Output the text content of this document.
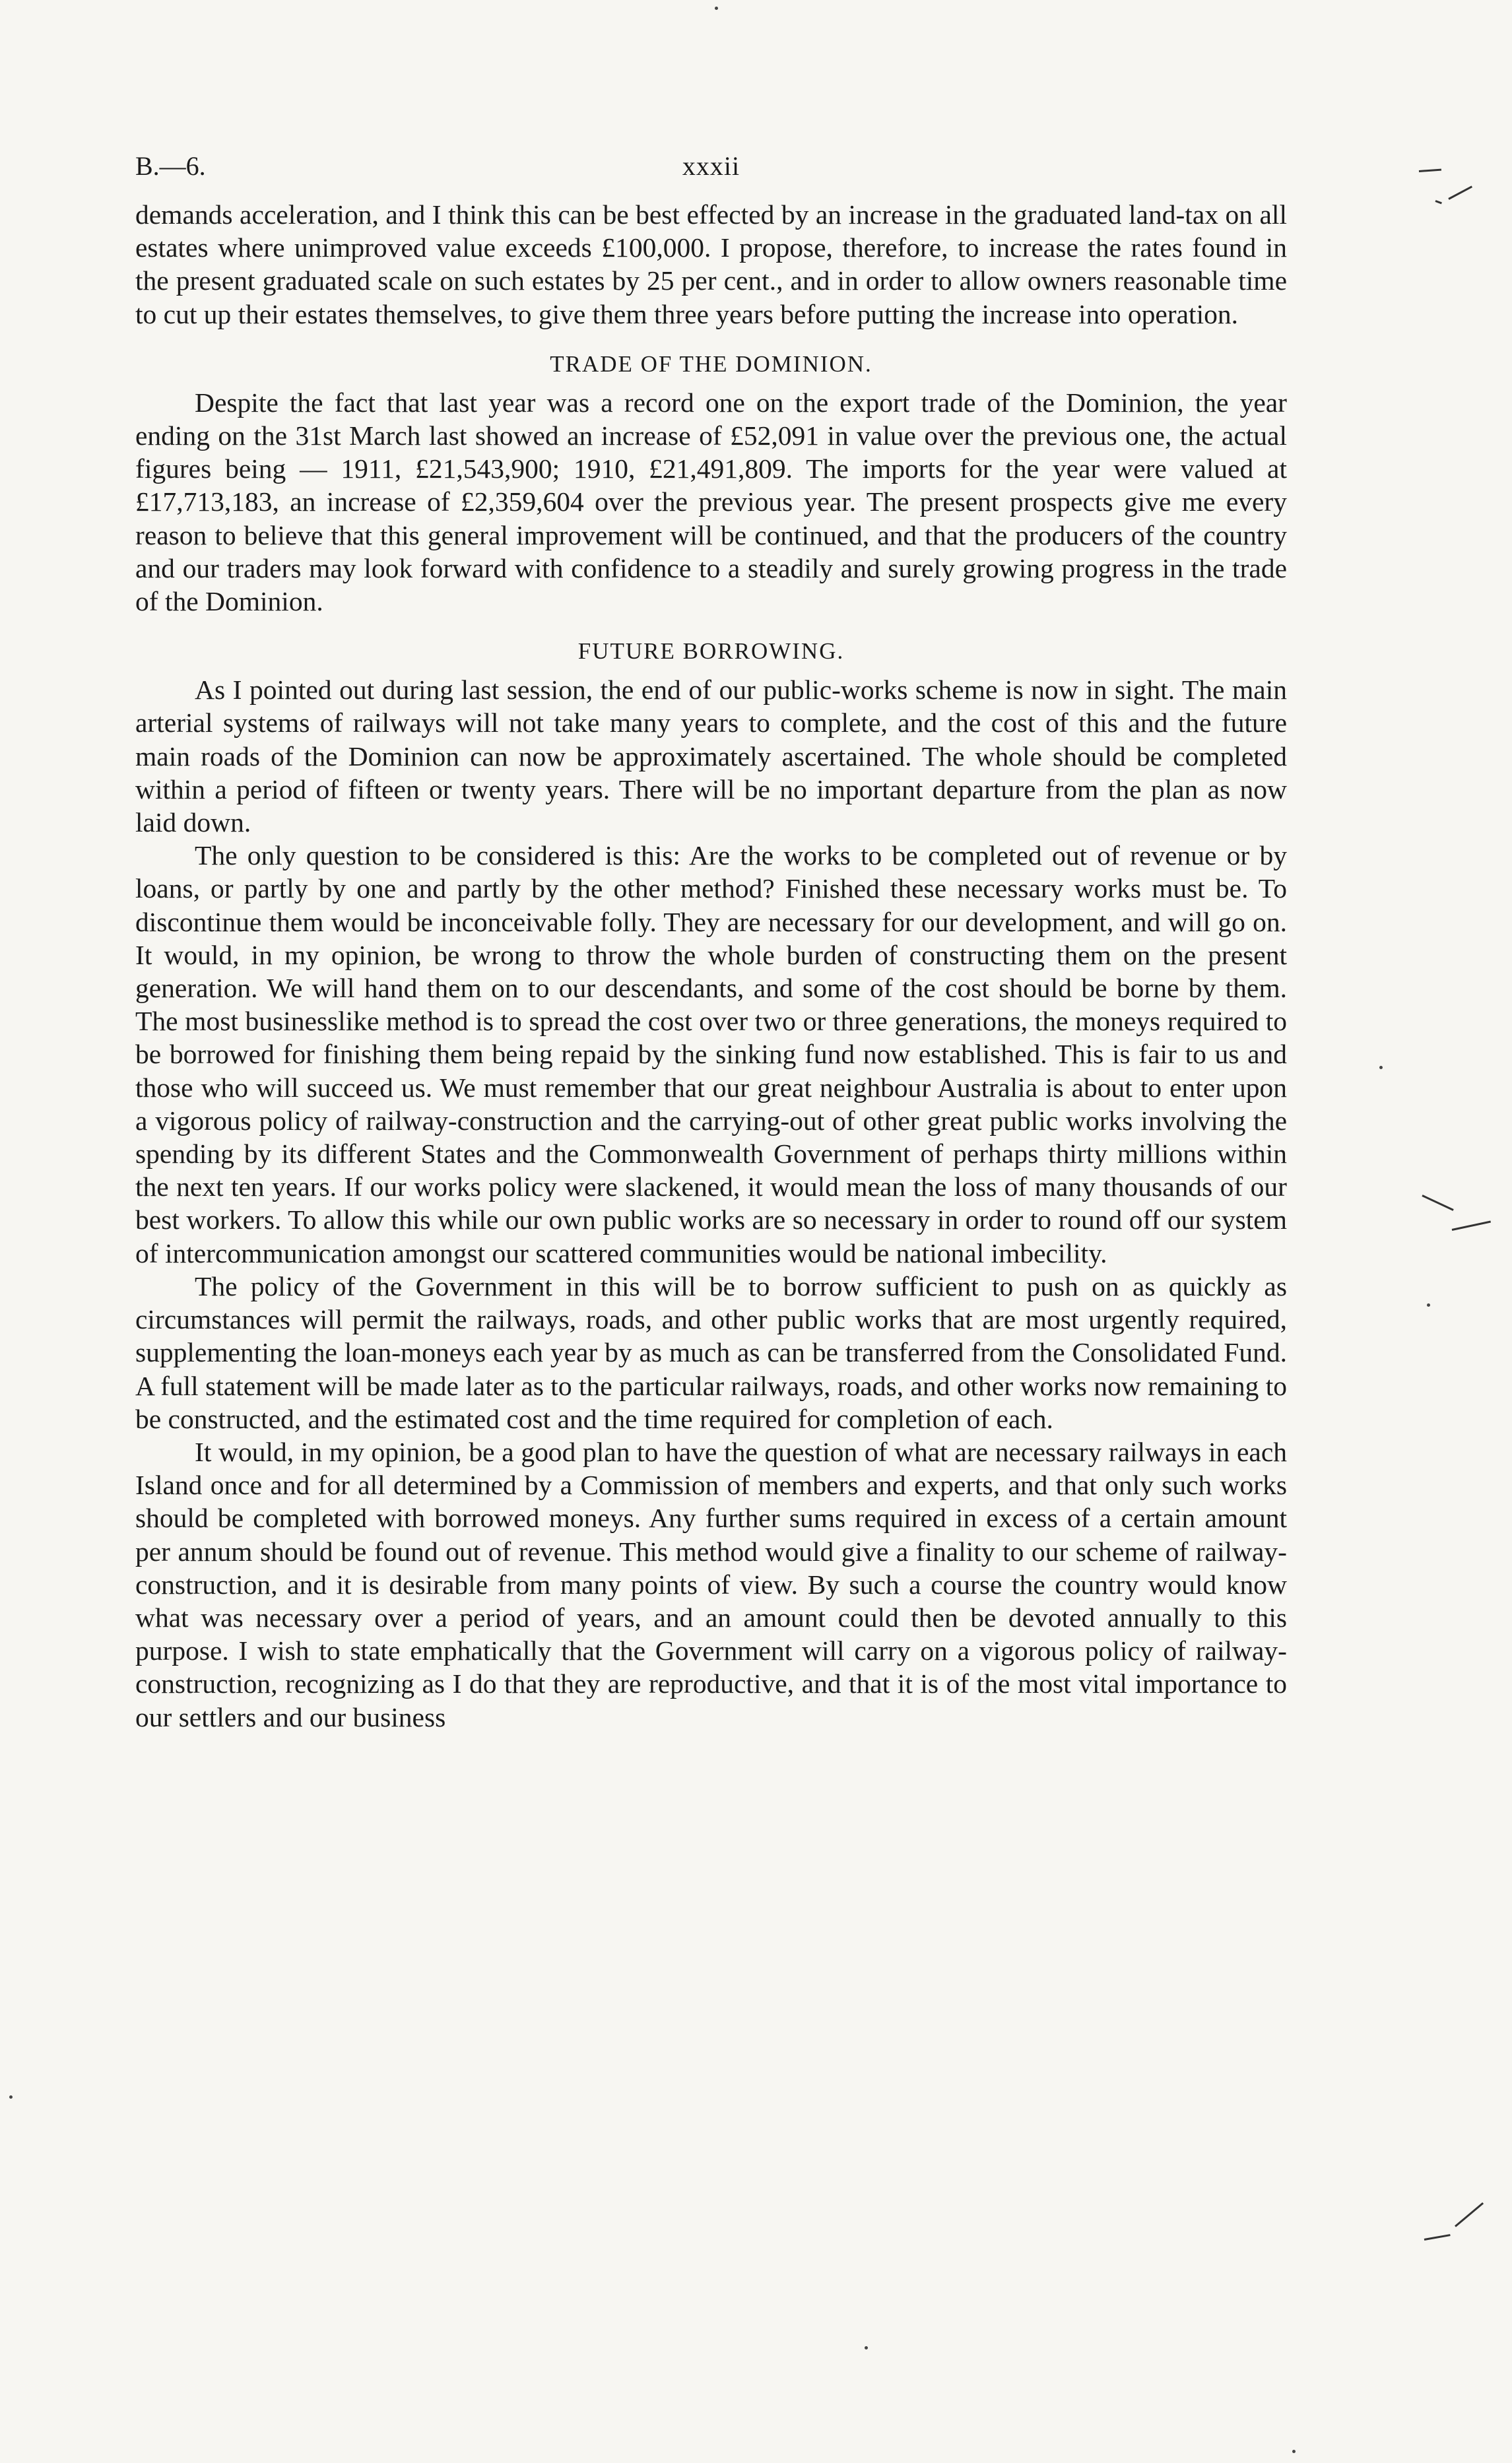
B.—6.	xxxii

demands acceleration, and I think this can be best effected by an increase in the graduated land-tax on all estates where unimproved value exceeds £100,000. I propose, therefore, to increase the rates found in the present graduated scale on such estates by 25 per cent., and in order to allow owners reasonable time to cut up their estates themselves, to give them three years before putting the increase into operation.

TRADE OF THE DOMINION.

Despite the fact that last year was a record one on the export trade of the Dominion, the year ending on the 31st March last showed an increase of £52,091 in value over the previous one, the actual figures being — 1911, £21,543,900; 1910, £21,491,809. The imports for the year were valued at £17,713,183, an increase of £2,359,604 over the previous year. The present prospects give me every reason to believe that this general improvement will be continued, and that the producers of the country and our traders may look forward with confidence to a steadily and surely growing progress in the trade of the Dominion.

FUTURE BORROWING.

As I pointed out during last session, the end of our public-works scheme is now in sight. The main arterial systems of railways will not take many years to complete, and the cost of this and the future main roads of the Dominion can now be approximately ascertained. The whole should be completed within a period of fifteen or twenty years. There will be no important departure from the plan as now laid down.

The only question to be considered is this: Are the works to be completed out of revenue or by loans, or partly by one and partly by the other method? Finished these necessary works must be. To discontinue them would be inconceivable folly. They are necessary for our development, and will go on. It would, in my opinion, be wrong to throw the whole burden of constructing them on the present generation. We will hand them on to our descendants, and some of the cost should be borne by them. The most businesslike method is to spread the cost over two or three generations, the moneys required to be borrowed for finishing them being repaid by the sinking fund now established. This is fair to us and those who will succeed us. We must remember that our great neighbour Australia is about to enter upon a vigorous policy of railway-construction and the carrying-out of other great public works involving the spending by its different States and the Commonwealth Government of perhaps thirty millions within the next ten years. If our works policy were slackened, it would mean the loss of many thousands of our best workers. To allow this while our own public works are so necessary in order to round off our system of intercommunication amongst our scattered communities would be national imbecility.

The policy of the Government in this will be to borrow sufficient to push on as quickly as circumstances will permit the railways, roads, and other public works that are most urgently required, supplementing the loan-moneys each year by as much as can be transferred from the Consolidated Fund. A full statement will be made later as to the particular railways, roads, and other works now remaining to be constructed, and the estimated cost and the time required for completion of each.

It would, in my opinion, be a good plan to have the question of what are necessary railways in each Island once and for all determined by a Commission of members and experts, and that only such works should be completed with borrowed moneys. Any further sums required in excess of a certain amount per annum should be found out of revenue. This method would give a finality to our scheme of railway-construction, and it is desirable from many points of view. By such a course the country would know what was necessary over a period of years, and an amount could then be devoted annually to this purpose. I wish to state emphatically that the Government will carry on a vigorous policy of railway-construction, recognizing as I do that they are reproductive, and that it is of the most vital importance to our settlers and our business
